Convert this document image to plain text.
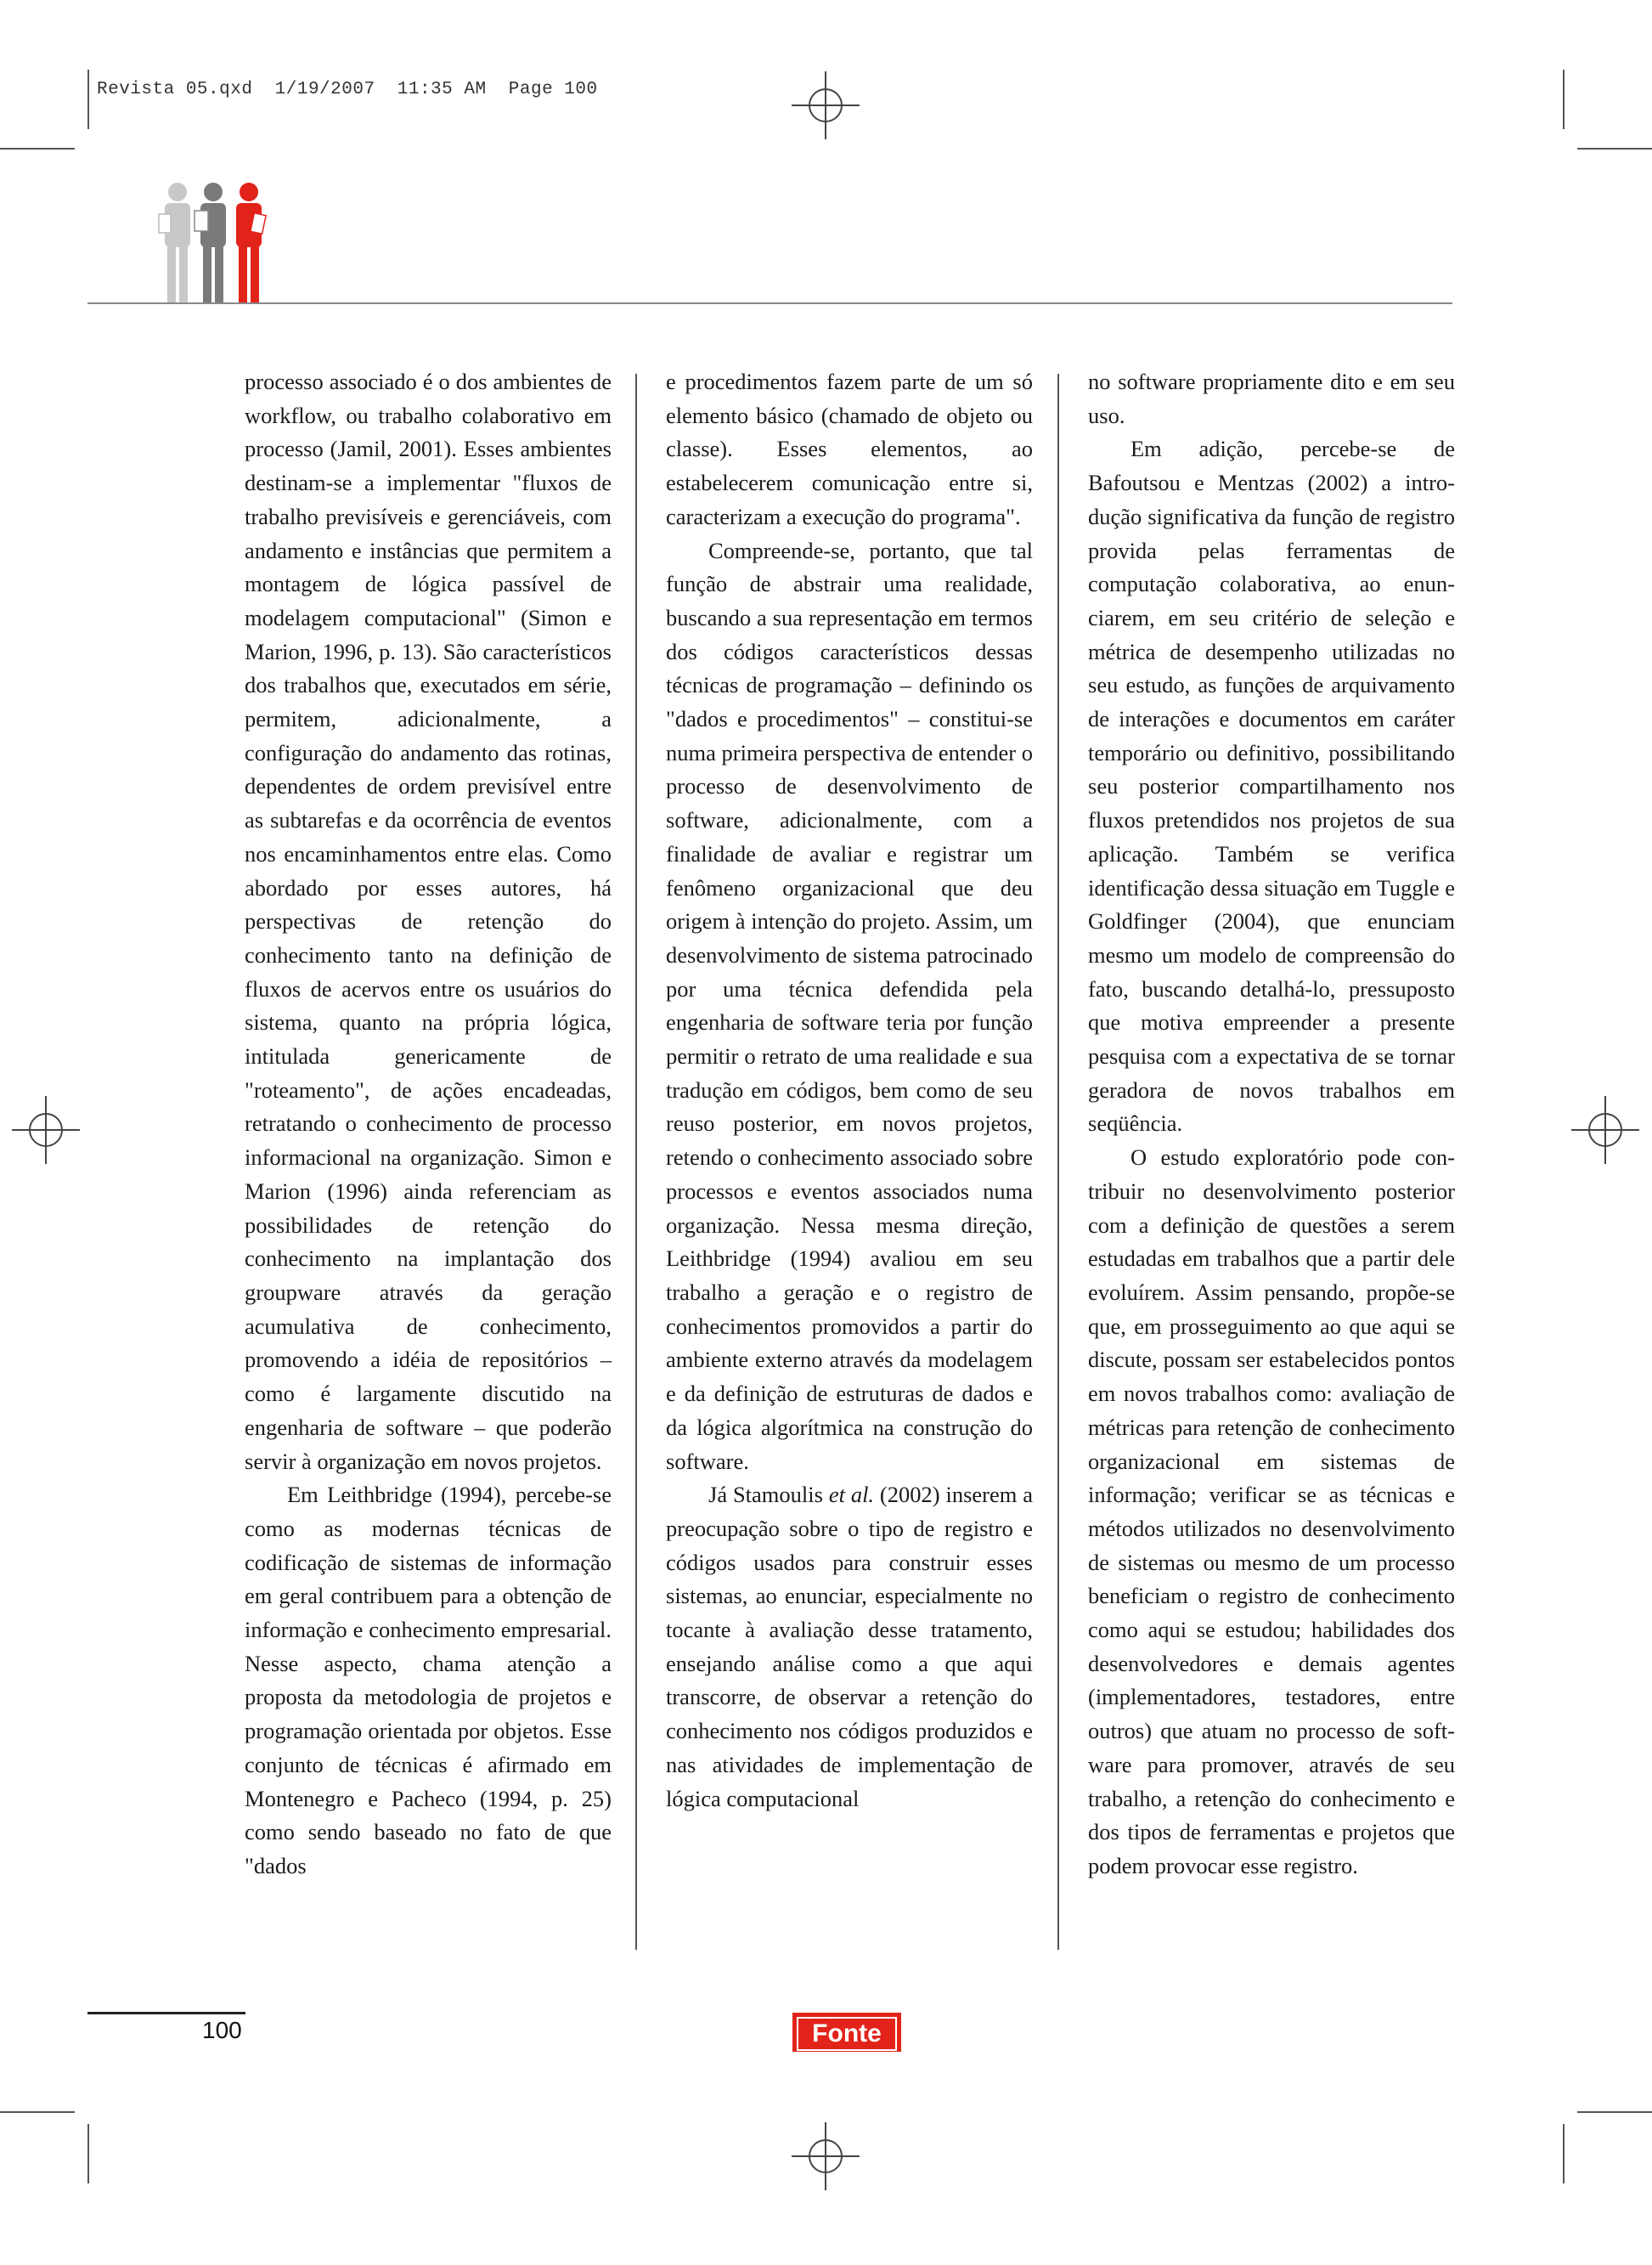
Revista 05.qxd  1/19/2007  11:35 AM  Page 100

processo associado é o dos ambientes de workflow, ou trabalho colaborativo em processo (Jamil, 2001). Esses ambientes destinam-se a implementar "fluxos de trabalho previsíveis e gerenciáveis, com andamento e instâncias que permitem a montagem de lógica passível de modelagem computacional" (Simon e Marion, 1996, p. 13). São característicos dos trabalhos que, executados em série, permitem, adicionalmente, a configuração do andamento das rotinas, dependentes de ordem previsível entre as subtarefas e da ocorrência de eventos nos encaminhamentos entre elas. Como abordado por esses autores, há perspectivas de retenção do conhecimento tanto na definição de fluxos de acervos entre os usuários do sistema, quanto na própria lógica, intitulada genericamente de "roteamento", de ações encadeadas, retratando o conhecimento de processo informacional na organização. Simon e Marion (1996) ainda referenciam as possibilidades de retenção do conhecimento na implantação dos groupware através da geração acumulativa de conhecimento, promovendo a idéia de repositórios – como é largamente discutido na engenharia de software – que poderão servir à organização em novos projetos.

Em Leithbridge (1994), percebe-se como as modernas técnicas de codificação de sistemas de informação em geral contribuem para a obtenção de informação e conhecimento empresarial. Nesse aspecto, chama atenção a proposta da metodologia de projetos e programação orientada por objetos. Esse conjunto de técnicas é afirmado em Montenegro e Pacheco (1994, p. 25) como sendo baseado no fato de que "dados

e procedimentos fazem parte de um só elemento básico (chamado de objeto ou classe). Esses elementos, ao estabelecerem comunicação entre si, caracterizam a execução do programa".

Compreende-se, portanto, que tal função de abstrair uma realidade, buscando a sua representação em termos dos códigos característicos dessas técnicas de programação – definindo os "dados e procedimentos" – constitui-se numa primeira perspectiva de entender o processo de desenvolvimento de software, adicionalmente, com a finalidade de avaliar e registrar um fenômeno organizacional que deu origem à intenção do projeto. Assim, um desenvolvimento de sistema patrocinado por uma técnica defendida pela engenharia de software teria por função permitir o retrato de uma realidade e sua tradução em códigos, bem como de seu reuso posterior, em novos projetos, retendo o conhecimento associado sobre processos e eventos associados numa organização. Nessa mesma direção, Leithbridge (1994) avaliou em seu trabalho a geração e o registro de conhecimentos promovidos a partir do ambiente externo através da modelagem e da definição de estruturas de dados e da lógica algorítmica na construção do software.

Já Stamoulis et al. (2002) inserem a preocupação sobre o tipo de registro e códigos usados para construir esses sistemas, ao enunciar, especialmente no tocante à avaliação desse tratamento, ensejando análise como a que aqui transcorre, de observar a retenção do conhecimento nos códigos produzidos e nas atividades de implementação de lógica computacional

no software propriamente dito e em seu uso.

Em adição, percebe-se de Bafoutsou e Mentzas (2002) a introdução significativa da função de registro provida pelas ferramentas de computação colaborativa, ao enunciarem, em seu critério de seleção e métrica de desempenho utilizadas no seu estudo, as funções de arquivamento de interações e documentos em caráter temporário ou definitivo, possibilitando seu posterior compartilhamento nos fluxos pretendidos nos projetos de sua aplicação. Também se verifica identificação dessa situação em Tuggle e Goldfinger (2004), que enunciam mesmo um modelo de compreensão do fato, buscando detalhá-lo, pressuposto que motiva empreender a presente pesquisa com a expectativa de se tornar geradora de novos trabalhos em seqüência.

O estudo exploratório pode contribuir no desenvolvimento posterior com a definição de questões a serem estudadas em trabalhos que a partir dele evoluírem. Assim pensando, propõe-se que, em prosseguimento ao que aqui se discute, possam ser estabelecidos pontos em novos trabalhos como: avaliação de métricas para retenção de conhecimento organizacional em sistemas de informação; verificar se as técnicas e métodos utilizados no desenvolvimento de sistemas ou mesmo de um processo beneficiam o registro de conhecimento como aqui se estudou; habilidades dos desenvolvedores e demais agentes (implementadores, testadores, entre outros) que atuam no processo de software para promover, através de seu trabalho, a retenção do conhecimento e dos tipos de ferramentas e projetos que podem provocar esse registro.

100	Fonte
